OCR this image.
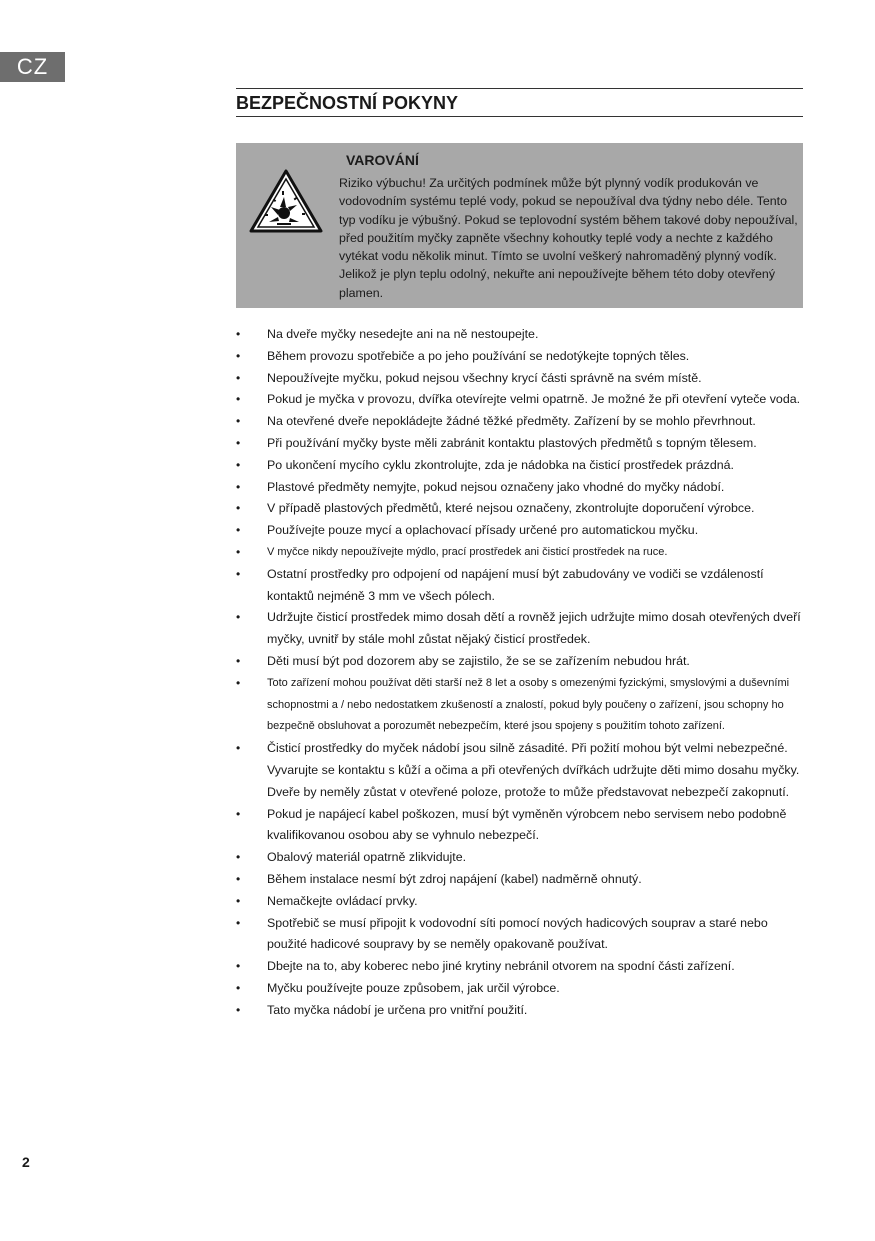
CZ
BEZPEČNOSTNÍ POKYNY
VAROVÁNÍ
Riziko výbuchu! Za určitých podmínek může být plynný vodík produkován ve vodovodním systému teplé vody, pokud se nepoužíval dva týdny nebo déle. Tento typ vodíku je výbušný. Pokud se teplovodní systém během takové doby nepoužíval, před použitím myčky zapněte všechny kohoutky teplé vody a nechte z každého vytékat vodu několik minut. Tímto se uvolní veškerý nahromaděný plynný vodík. Jelikož je plyn teplu odolný, nekuřte ani nepoužívejte během této doby otevřený plamen.
• Na dveře myčky nesedejte ani na ně nestoupejte.
• Během provozu spotřebiče a po jeho používání se nedotýkejte topných těles.
• Nepoužívejte myčku, pokud nejsou všechny krycí části správně na svém místě.
• Pokud je myčka v provozu, dvířka otevírejte velmi opatrně. Je možné že při otevření vyteče voda.
• Na otevřené dveře nepokládejte žádné těžké předměty. Zařízení by se mohlo převrhnout.
• Při používání myčky byste měli zabránit kontaktu plastových předmětů s topným tělesem.
• Po ukončení mycího cyklu zkontrolujte, zda je nádobka na čisticí prostředek prázdná.
• Plastové předměty nemyjte, pokud nejsou označeny jako vhodné do myčky nádobí.
• V případě plastových předmětů, které nejsou označeny, zkontrolujte doporučení výrobce.
• Používejte pouze mycí a oplachovací přísady určené pro automatickou myčku.
• V myčce nikdy nepoužívejte mýdlo, prací prostředek ani čisticí prostředek na ruce.
• Ostatní prostředky pro odpojení od napájení musí být zabudovány ve vodiči se vzdáleností kontaktů nejméně 3 mm ve všech pólech.
• Udržujte čisticí prostředek mimo dosah dětí a rovněž jejich udržujte mimo dosah otevřených dveří myčky, uvnitř by stále mohl zůstat nějaký čisticí prostředek.
• Děti musí být pod dozorem aby se zajistilo, že se se zařízením nebudou hrát.
• Toto zařízení mohou používat děti starší než 8 let a osoby s omezenými fyzickými, smyslovými a duševními schopnostmi a / nebo nedostatkem zkušeností a znalostí, pokud byly poučeny o zařízení, jsou schopny ho bezpečně obsluhovat a porozumět nebezpečím, které jsou spojeny s použitím tohoto zařízení.
• Čisticí prostředky do myček nádobí jsou silně zásadité. Při požití mohou být velmi nebezpečné. Vyvarujte se kontaktu s kůží a očima a při otevřených dvířkách udržujte děti mimo dosahu myčky. Dveře by neměly zůstat v otevřené poloze, protože to může představovat nebezpečí zakopnutí.
• Pokud je napájecí kabel poškozen, musí být vyměněn výrobcem nebo servisem nebo podobně kvalifikovanou osobou aby se vyhnulo nebezpečí.
• Obalový materiál opatrně zlikvidujte.
• Během instalace nesmí být zdroj napájení (kabel) nadměrně ohnutý.
• Nemačkejte ovládací prvky.
• Spotřebič se musí připojit k vodovodní síti pomocí nových hadicových souprav a staré nebo použité hadicové soupravy by se neměly opakovaně používat.
• Dbejte na to, aby koberec nebo jiné krytiny nebránil otvorem na spodní části zařízení.
• Myčku používejte pouze způsobem, jak určil výrobce.
• Tato myčka nádobí je určena pro vnitřní použití.
2
